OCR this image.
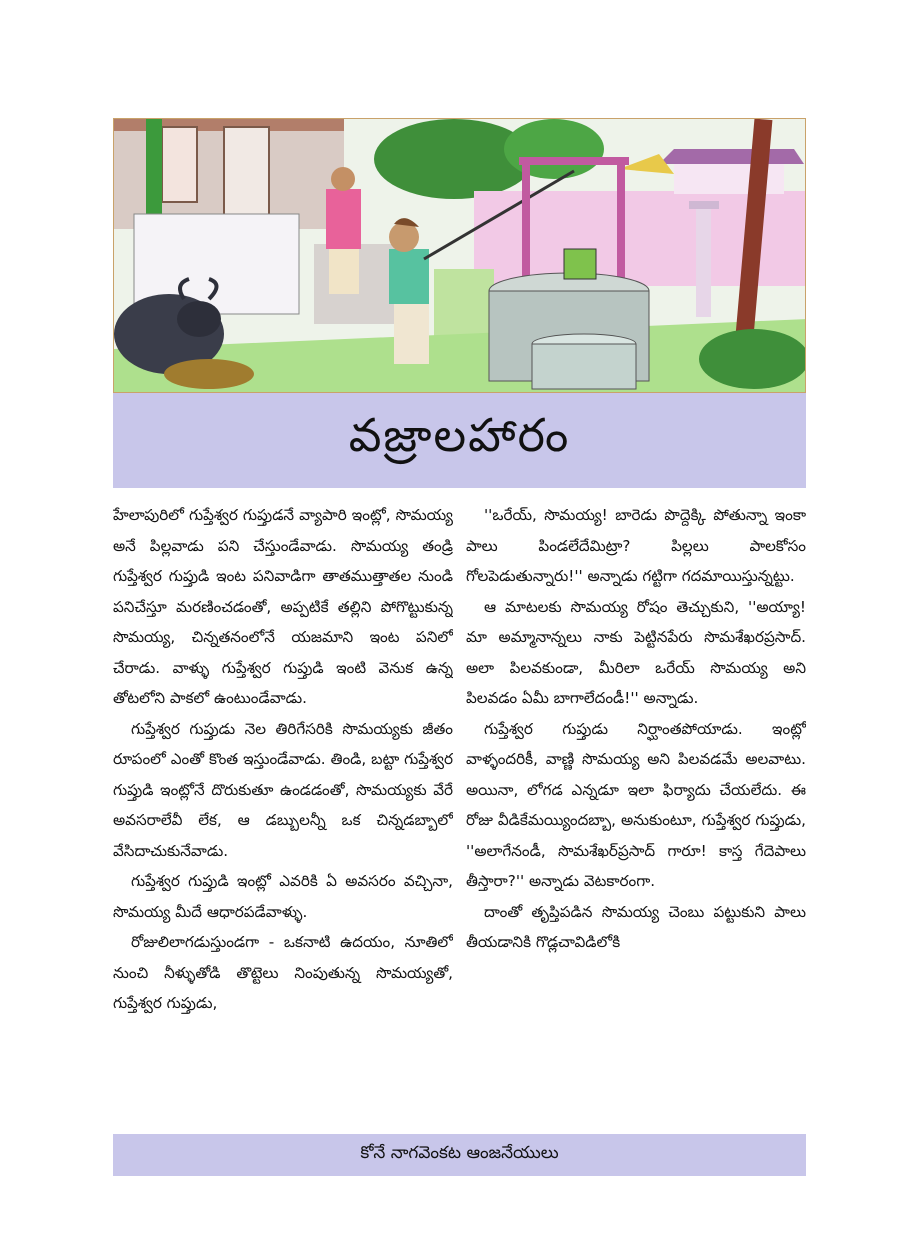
వజ్రాలహారం

హేలాపురిలో గుప్తేశ్వర గుప్తుడనే వ్యాపారి ఇంట్లో, సొమయ్య అనే పిల్లవాడు పని చేస్తుండేవాడు. సొమయ్య తండ్రి గుప్తేశ్వర గుప్తుడి ఇంట పనివాడిగా తాతముత్తాతల నుండి పనిచేస్తూ మరణించడంతో, అప్పటికే తల్లిని పోగొట్టుకున్న సొమయ్య, చిన్నతనంలోనే యజమాని ఇంట పనిలో చేరాడు. వాళ్ళు గుప్తేశ్వర గుప్తుడి ఇంటి వెనుక ఉన్న తోటలోని పాకలో ఉంటుండేవాడు.

గుప్తేశ్వర గుప్తుడు నెల తిరిగేసరికి సొమయ్యకు జీతం రూపంలో ఎంతో కొంత ఇస్తుండేవాడు. తిండి, బట్టా గుప్తేశ్వర గుప్తుడి ఇంట్లోనే దొరుకుతూ ఉండడంతో, సొమయ్యకు వేరే అవసరాలేవీ లేక, ఆ డబ్బులన్నీ ఒక చిన్నడబ్బాలో వేసిదాచుకునేవాడు.

గుప్తేశ్వర గుప్తుడి ఇంట్లో ఎవరికి ఏ అవసరం వచ్చినా, సొమయ్య మీదే ఆధారపడేవాళ్ళు.

రోజులిలాగడుస్తుండగా - ఒకనాటి ఉదయం, నూతిలో నుంచి నీళ్ళుతోడి తొట్టెలు నింపుతున్న సొమయ్యతో, గుప్తేశ్వర గుప్తుడు,

''ఒరేయ్, సొమయ్య! బారెడు పొద్దెక్కి పోతున్నా ఇంకా పాలు పిండలేదేమిట్రా? పిల్లలు పాలకోసం గోలపెడుతున్నారు!'' అన్నాడు గట్టిగా గదమాయిస్తున్నట్టు.

ఆ మాటలకు సొమయ్య రోషం తెచ్చుకుని, ''అయ్యా! మా అమ్మానాన్నలు నాకు పెట్టినపేరు సొమశేఖరప్రసాద్. అలా పిలవకుండా, మీరిలా ఒరేయ్ సొమయ్య అని పిలవడం ఏమీ బాగాలేదండీ!'' అన్నాడు.

గుప్తేశ్వర గుప్తుడు నిర్ఘాంతపోయాడు. ఇంట్లో వాళ్ళందరికీ, వాణ్ణి సొమయ్య అని పిలవడమే అలవాటు. అయినా, లోగడ ఎన్నడూ ఇలా ఫిర్యాదు చేయలేదు. ఈ రోజు వీడికేమయ్యిందబ్బా, అనుకుంటూ, గుప్తేశ్వర గుప్తుడు, ''అలాగేనండీ, సొమశేఖర్‌ప్రసాద్ గారూ! కాస్త గేదెపాలు తీస్తారా?'' అన్నాడు వెటకారంగా.

దాంతో తృప్తిపడిన సొమయ్య చెంబు పట్టుకుని పాలు తీయడానికి గొడ్లచావిడిలోకి

కోనే నాగవెంకట ఆంజనేయులు
